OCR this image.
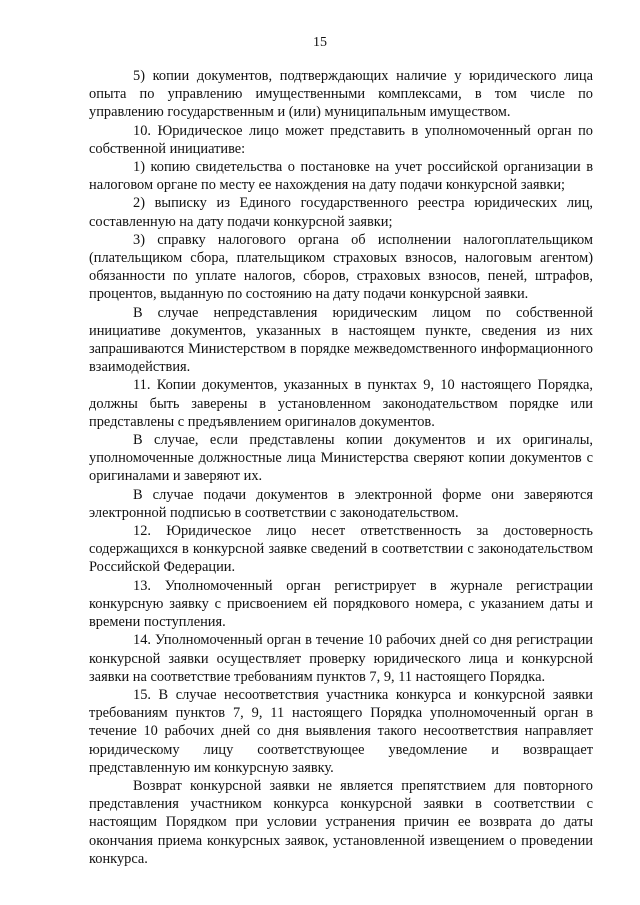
15

5) копии документов, подтверждающих наличие у юридического лица опыта по управлению имущественными комплексами, в том числе по управлению государственным и (или) муниципальным имуществом.

10. Юридическое лицо может представить в уполномоченный орган по собственной инициативе:

1) копию свидетельства о постановке на учет российской организации в налоговом органе по месту ее нахождения на дату подачи конкурсной заявки;

2) выписку из Единого государственного реестра юридических лиц, составленную на дату подачи конкурсной заявки;

3) справку налогового органа об исполнении налогоплательщиком (плательщиком сбора, плательщиком страховых взносов, налоговым агентом) обязанности по уплате налогов, сборов, страховых взносов, пеней, штрафов, процентов, выданную по состоянию на дату подачи конкурсной заявки.

В случае непредставления юридическим лицом по собственной инициативе документов, указанных в настоящем пункте, сведения из них запрашиваются Министерством в порядке межведомственного информационного взаимодействия.

11. Копии документов, указанных в пунктах 9, 10 настоящего Порядка, должны быть заверены в установленном законодательством порядке или представлены с предъявлением оригиналов документов.

В случае, если представлены копии документов и их оригиналы, уполномоченные должностные лица Министерства сверяют копии документов с оригиналами и заверяют их.

В случае подачи документов в электронной форме они заверяются электронной подписью в соответствии с законодательством.

12. Юридическое лицо несет ответственность за достоверность содержащихся в конкурсной заявке сведений в соответствии с законодательством Российской Федерации.

13. Уполномоченный орган регистрирует в журнале регистрации конкурсную заявку с присвоением ей порядкового номера, с указанием даты и времени поступления.

14. Уполномоченный орган в течение 10 рабочих дней со дня регистрации конкурсной заявки осуществляет проверку юридического лица и конкурсной заявки на соответствие требованиям пунктов 7, 9, 11 настоящего Порядка.

15. В случае несоответствия участника конкурса и конкурсной заявки требованиям пунктов 7, 9, 11 настоящего Порядка уполномоченный орган в течение 10 рабочих дней со дня выявления такого несоответствия направляет юридическому лицу соответствующее уведомление и возвращает представленную им конкурсную заявку.

Возврат конкурсной заявки не является препятствием для повторного представления участником конкурса конкурсной заявки в соответствии с настоящим Порядком при условии устранения причин ее возврата до даты окончания приема конкурсных заявок, установленной извещением о проведении конкурса.
